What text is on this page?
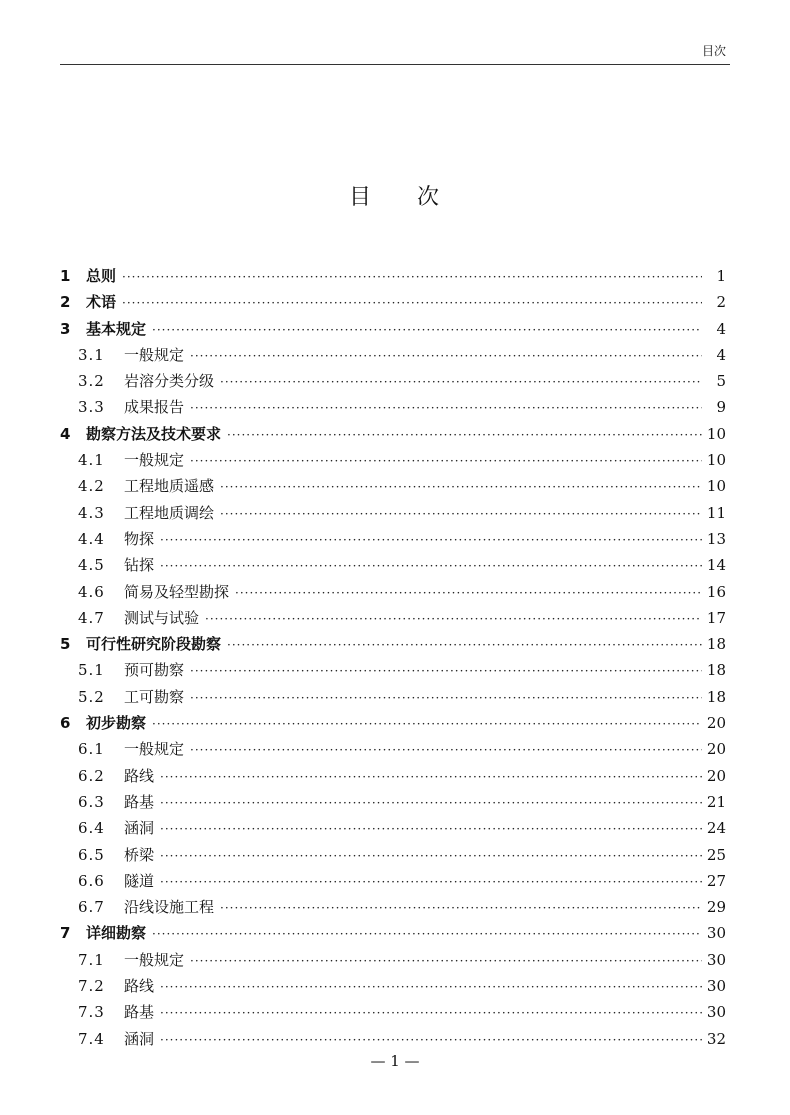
目次
目 次
1	总则 ·····	1
2	术语 ·····	2
3	基本规定 ·····	4
3.1	一般规定 ·····	4
3.2	岩溶分类分级 ·····	5
3.3	成果报告 ·····	9
4	勘察方法及技术要求 ·····	10
4.1	一般规定 ·····	10
4.2	工程地质遥感 ·····	10
4.3	工程地质调绘 ·····	11
4.4	物探 ·····	13
4.5	钻探 ·····	14
4.6	简易及轻型勘探 ·····	16
4.7	测试与试验 ·····	17
5	可行性研究阶段勘察 ·····	18
5.1	预可勘察 ·····	18
5.2	工可勘察 ·····	18
6	初步勘察 ·····	20
6.1	一般规定 ·····	20
6.2	路线 ·····	20
6.3	路基 ·····	21
6.4	涵洞 ·····	24
6.5	桥梁 ·····	25
6.6	隧道 ·····	27
6.7	沿线设施工程 ·····	29
7	详细勘察 ·····	30
7.1	一般规定 ·····	30
7.2	路线 ·····	30
7.3	路基 ·····	30
7.4	涵洞 ·····	32
— 1 —
